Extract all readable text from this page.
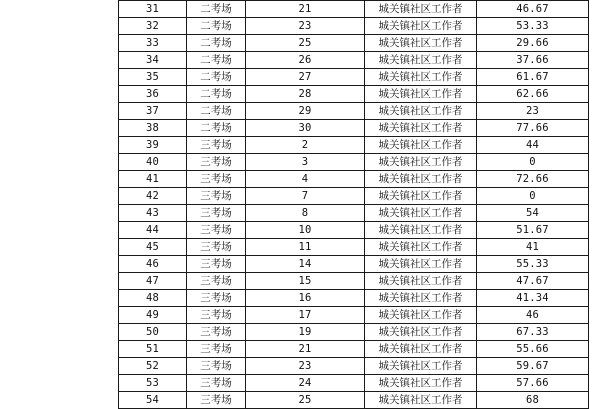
31	二考场	21	城关镇社区工作者	46.67
32	二考场	23	城关镇社区工作者	53.33
33	二考场	25	城关镇社区工作者	29.66
34	二考场	26	城关镇社区工作者	37.66
35	二考场	27	城关镇社区工作者	61.67
36	二考场	28	城关镇社区工作者	62.66
37	二考场	29	城关镇社区工作者	23
38	二考场	30	城关镇社区工作者	77.66
39	三考场	2	城关镇社区工作者	44
40	三考场	3	城关镇社区工作者	0
41	三考场	4	城关镇社区工作者	72.66
42	三考场	7	城关镇社区工作者	0
43	三考场	8	城关镇社区工作者	54
44	三考场	10	城关镇社区工作者	51.67
45	三考场	11	城关镇社区工作者	41
46	三考场	14	城关镇社区工作者	55.33
47	三考场	15	城关镇社区工作者	47.67
48	三考场	16	城关镇社区工作者	41.34
49	三考场	17	城关镇社区工作者	46
50	三考场	19	城关镇社区工作者	67.33
51	三考场	21	城关镇社区工作者	55.66
52	三考场	23	城关镇社区工作者	59.67
53	三考场	24	城关镇社区工作者	57.66
54	三考场	25	城关镇社区工作者	68
